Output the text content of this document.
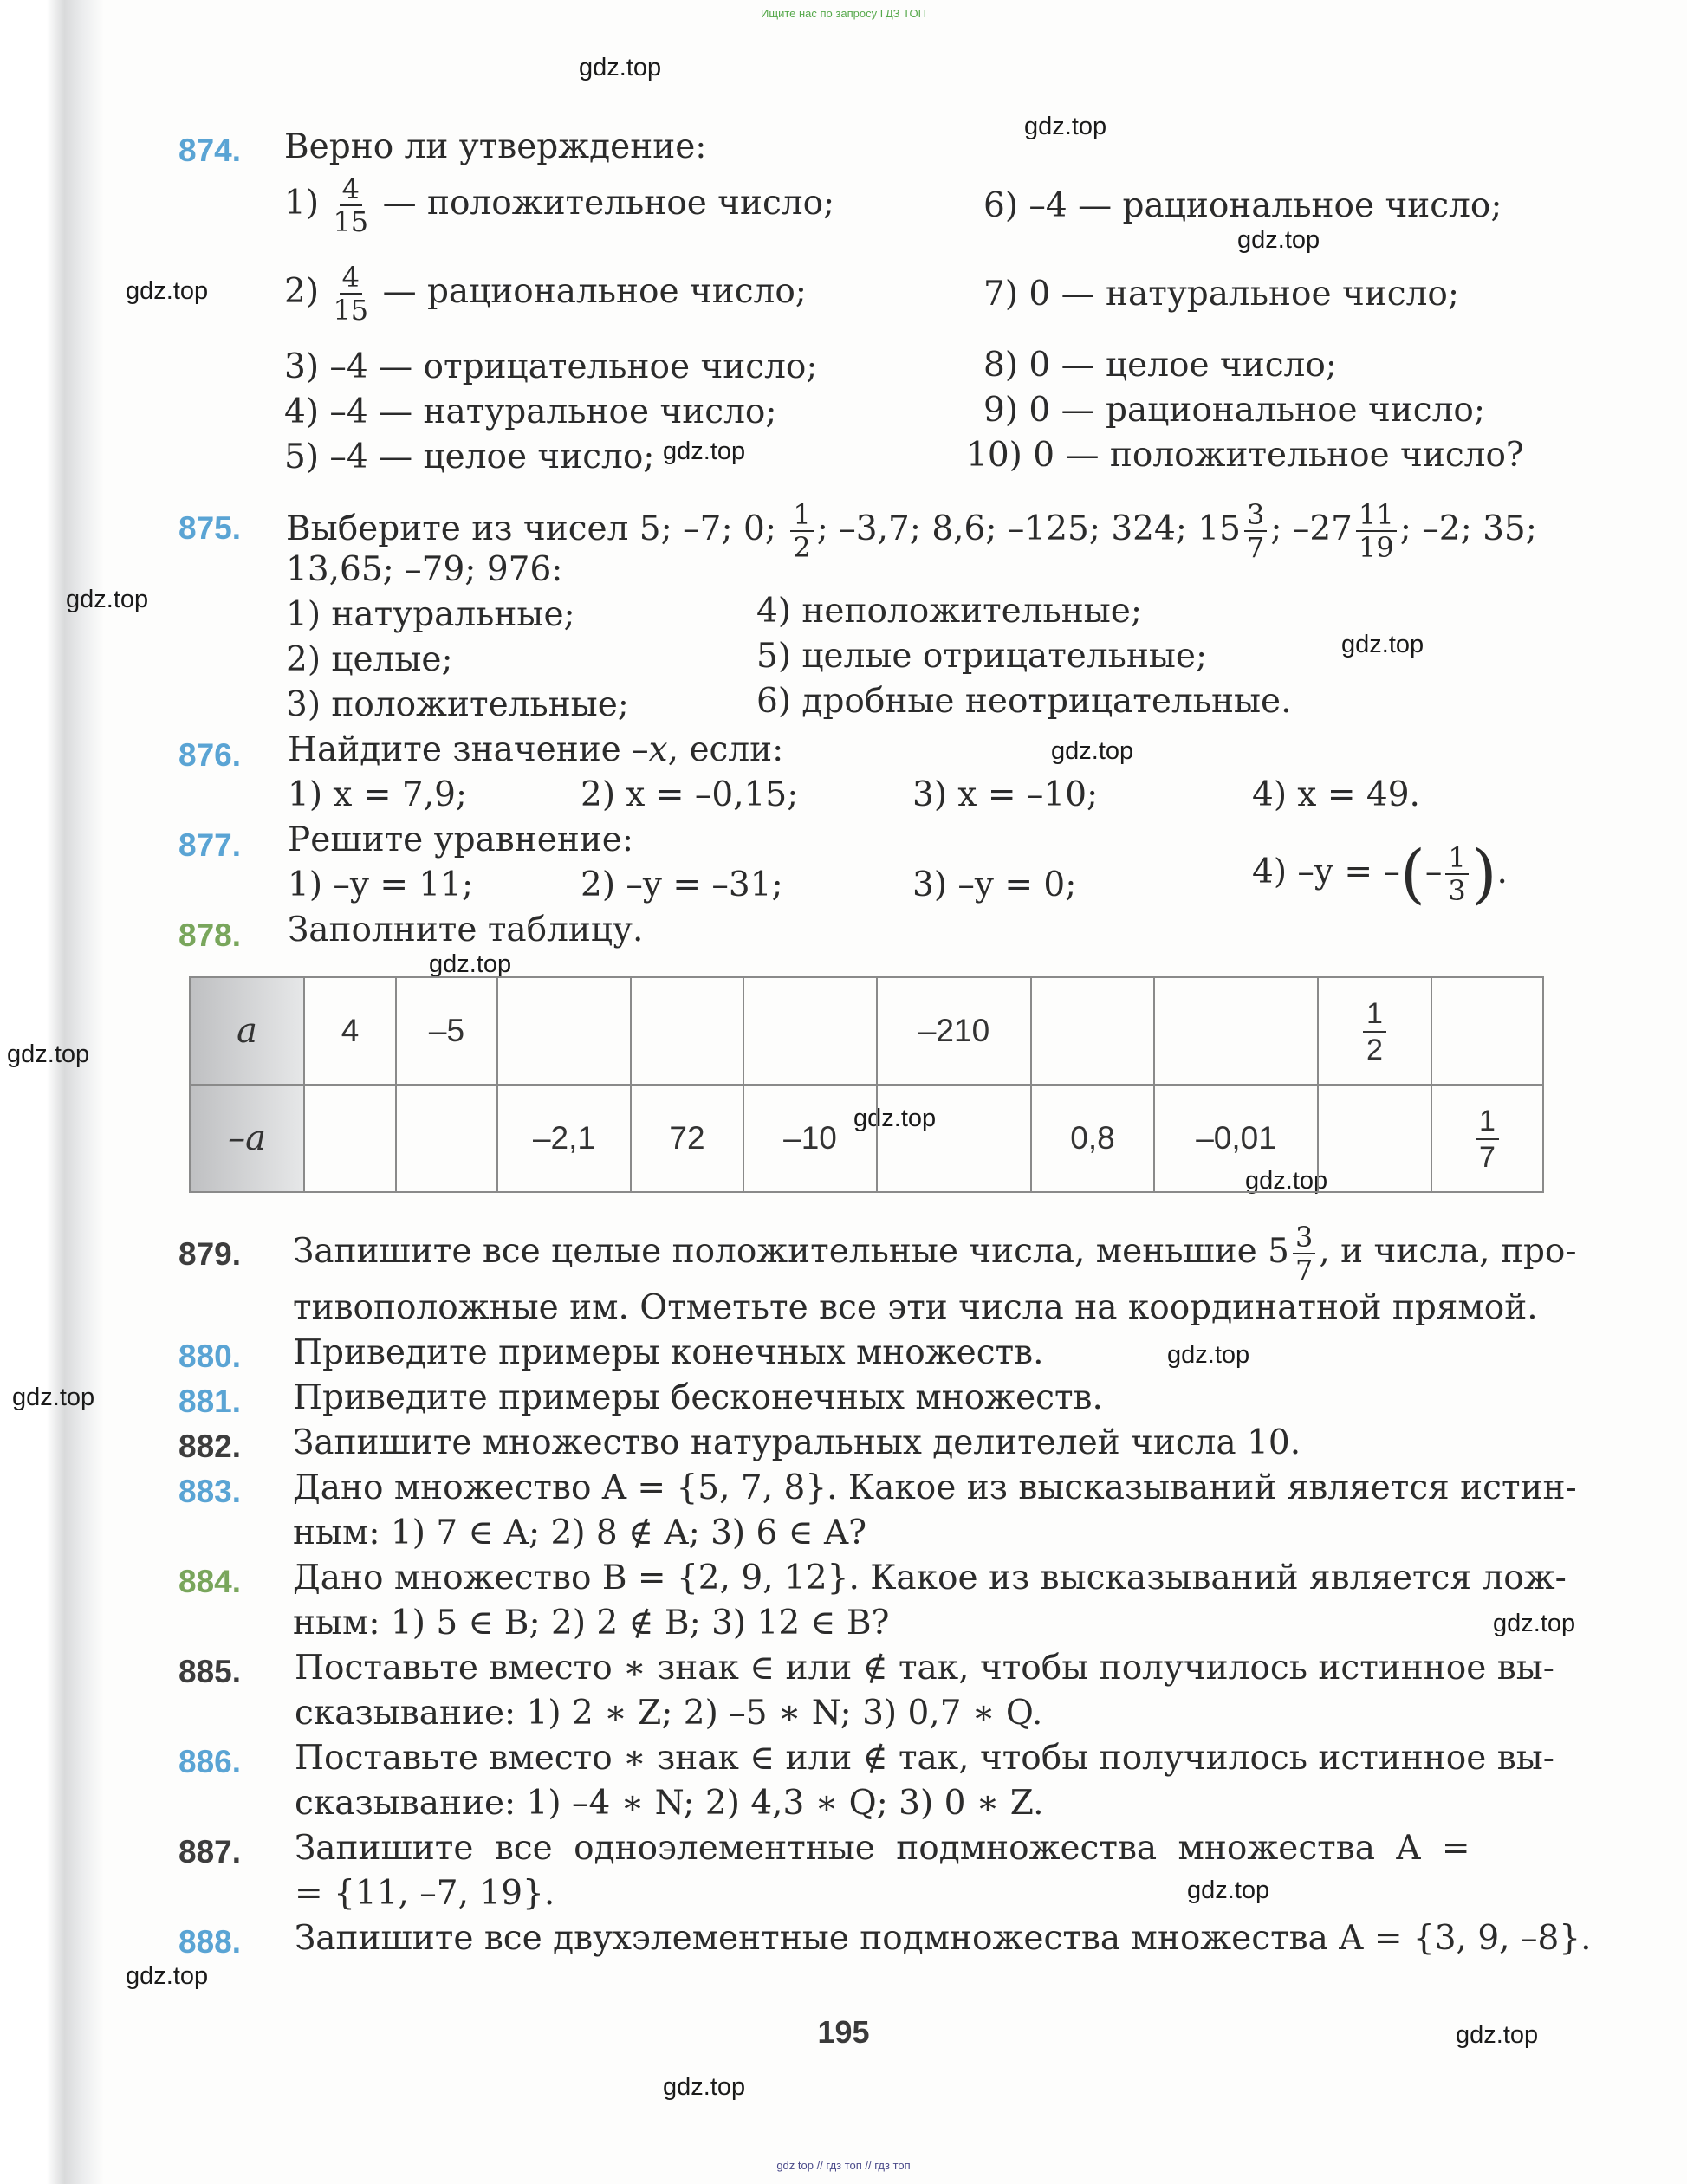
Ищите нас по запросу ГДЗ ТОП
gdz.top
gdz.top
gdz.top
gdz.top
gdz.top
gdz.top
gdz.top
gdz.top
gdz.top
gdz.top
gdz.top
gdz.top
gdz.top
gdz.top
gdz.top
gdz.top
gdz.top
gdz.top
gdz.top
874. Верно ли утверждение:
$1) \frac{4}{15}$ — положительное число;
$2) \frac{4}{15}$ — рациональное число;
3) –4 — отрицательное число;
4) –4 — натуральное число;
5) –4 — целое число;
6) –4 — рациональное число;
7) 0 — натуральное число;
8) 0 — целое число;
9) 0 — рациональное число;
10) 0 — положительное число?
875. Выберите из чисел 5; –7; 0; $\frac{1}{2}$ ; –3,7; 8,6; –125; 324; $15 \frac{3}{7}$ ; $-27 \frac{11}{19}$ ; –2; 35;
13,65; –79; 976:
1) натуральные;
2) целые;
3) положительные;
4) неположительные;
5) целые отрицательные;
6) дробные неотрицательные.
876. Найдите значение –x, если:
1) x = 7,9;	2) x = –0,15;	3) x = –10;	4) x = 49.
877. Решите уравнение:
1) –y = 11;	2) –y = –31;	3) –y = 0;	4) –y = –(– $\frac{1}{3}$ ).
878. Заполните таблицу.
a	4	–5				–210			$\frac{1}{2}$

–a			–2,1	72	–10		0,8	–0,01		$\frac{1}{7}$
879. Запишите все целые положительные числа, меньшие $5 \frac{3}{7}$ , и числа, про-
тивоположные им. Отметьте все эти числа на координатной прямой.
880. Приведите примеры конечных множеств.
881. Приведите примеры бесконечных множеств.
882. Запишите множество натуральных делителей числа 10.
883. Дано множество A = {5, 7, 8}. Какое из высказываний является истин-
ным: 1) 7 ∈ A; 2) 8 ∉ A; 3) 6 ∈ A?
884. Дано множество B = {2, 9, 12}. Какое из высказываний является лож-
ным: 1) 5 ∈ B; 2) 2 ∉ B; 3) 12 ∈ B?
885. Поставьте вместо ∗ знак ∈ или ∉ так, чтобы получилось истинное вы-
сказывание: 1) 2 ∗ Z; 2) –5 ∗ N; 3) 0,7 ∗ Q.
886. Поставьте вместо ∗ знак ∈ или ∉ так, чтобы получилось истинное вы-
сказывание: 1) –4 ∗ N; 2) 4,3 ∗ Q; 3) 0 ∗ Z.
887. Запишите все одноэлементные подмножества множества A =
= {11, –7, 19}.
888. Запишите все двухэлементные подмножества множества A = {3, 9, –8}.
195
gdz top // гдз топ // гдз топ
